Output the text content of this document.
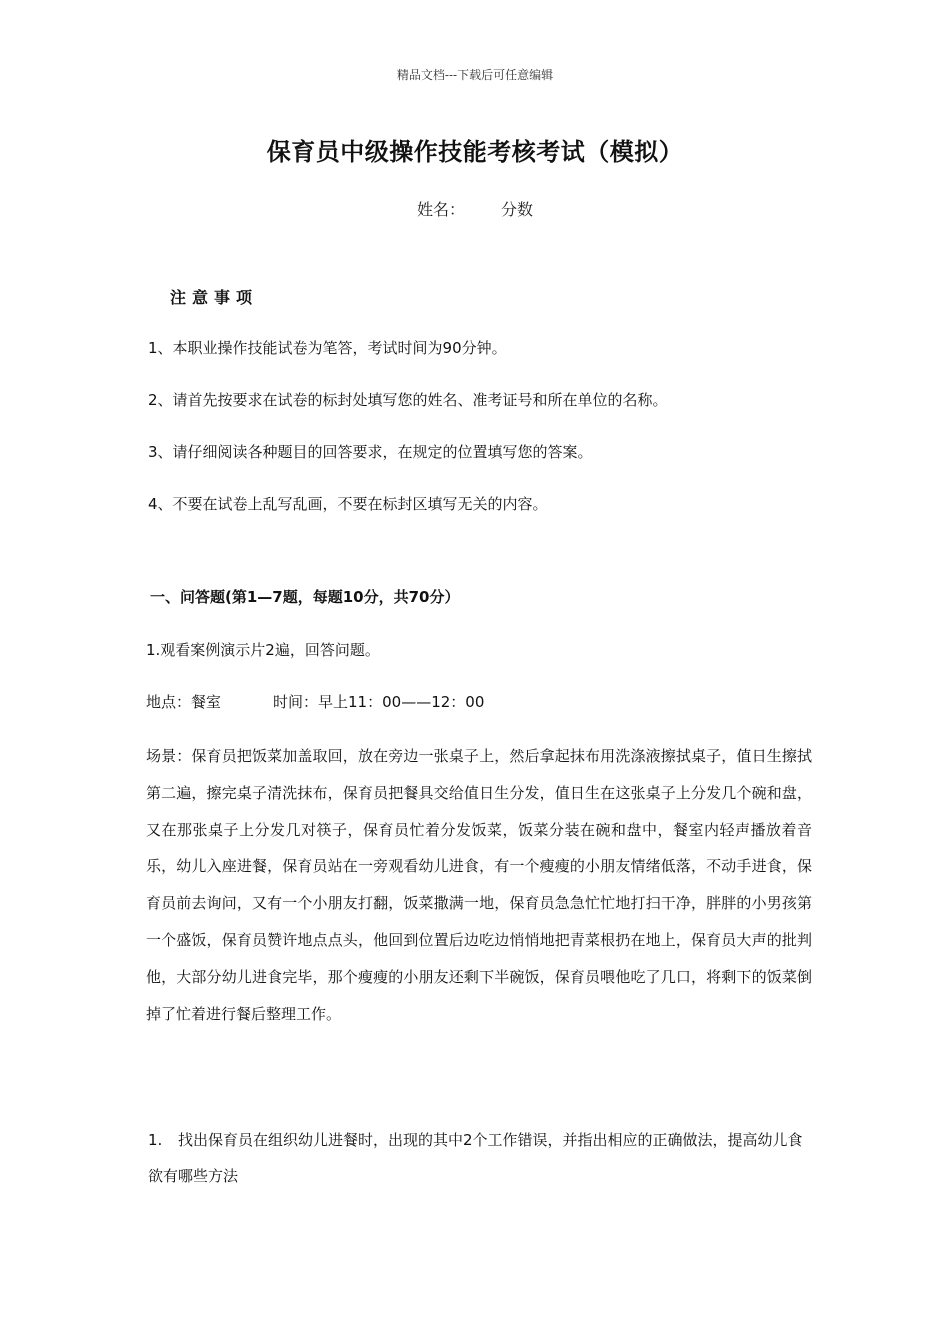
精品文档---下载后可任意编辑
保育员中级操作技能考核考试（模拟）
姓名： 分数
注意事项
1、本职业操作技能试卷为笔答，考试时间为90分钟。
2、请首先按要求在试卷的标封处填写您的姓名、准考证号和所在单位的名称。
3、请仔细阅读各种题目的回答要求，在规定的位置填写您的答案。
4、不要在试卷上乱写乱画，不要在标封区填写无关的内容。
一、问答题(第1—7题，每题10分，共70分）
1.观看案例演示片2遍，回答问题。
地点：餐室	时间：早上11：00——12：00
场景：保育员把饭菜加盖取回，放在旁边一张桌子上，然后拿起抹布用洗涤液擦拭桌子，值日生擦拭第二遍，擦完桌子清洗抹布，保育员把餐具交给值日生分发，值日生在这张桌子上分发几个碗和盘，又在那张桌子上分发几对筷子，保育员忙着分发饭菜，饭菜分装在碗和盘中，餐室内轻声播放着音乐，幼儿入座进餐，保育员站在一旁观看幼儿进食，有一个瘦瘦的小朋友情绪低落，不动手进食，保育员前去询问，又有一个小朋友打翻，饭菜撒满一地，保育员急急忙忙地打扫干净，胖胖的小男孩第一个盛饭，保育员赞许地点点头，他回到位置后边吃边悄悄地把青菜根扔在地上，保育员大声的批判他，大部分幼儿进食完毕，那个瘦瘦的小朋友还剩下半碗饭，保育员喂他吃了几口，将剩下的饭菜倒掉了忙着进行餐后整理工作。
1. 找出保育员在组织幼儿进餐时，出现的其中2个工作错误，并指出相应的正确做法，提高幼儿食欲有哪些方法
